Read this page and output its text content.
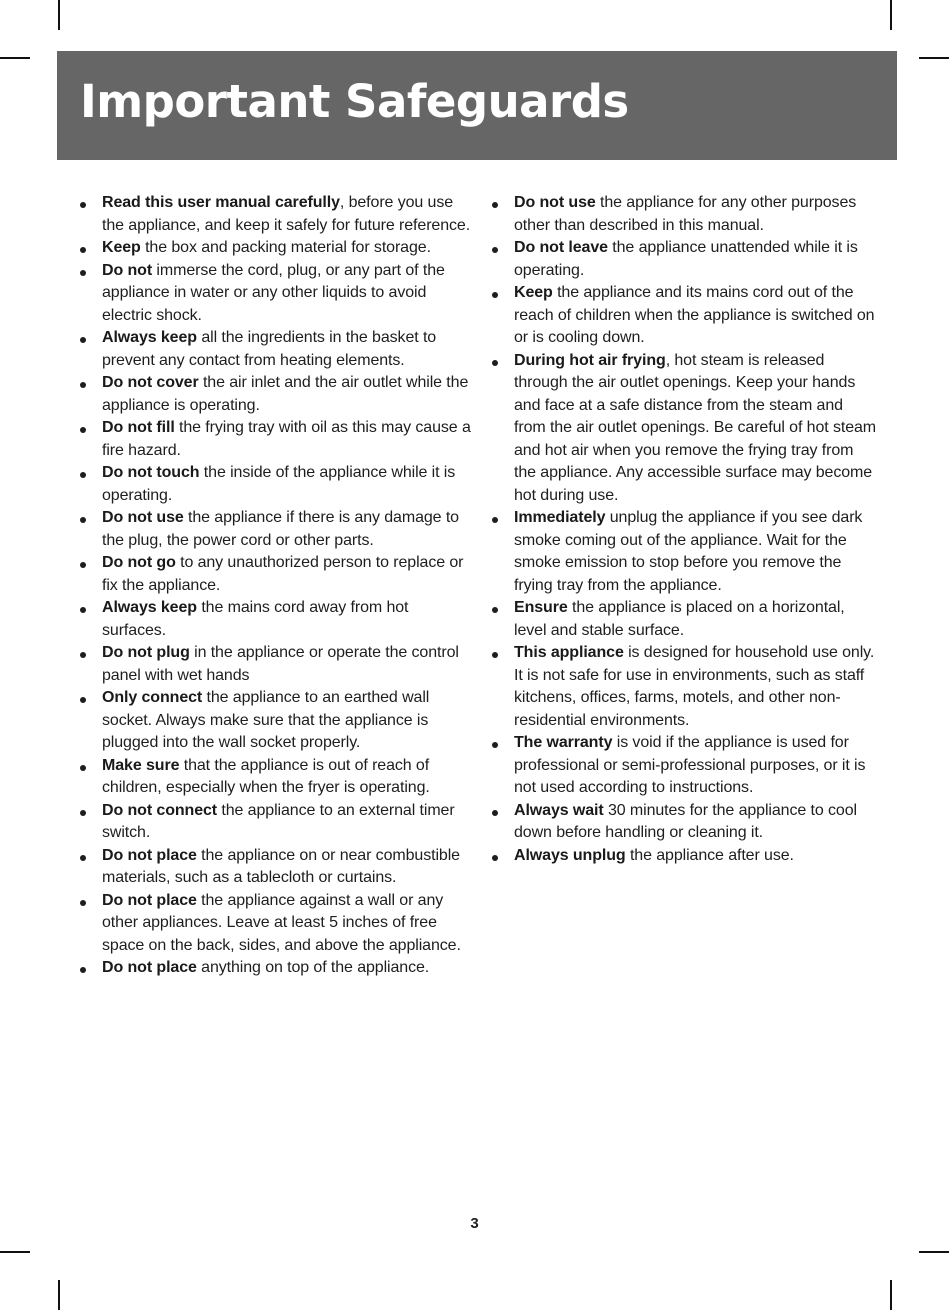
Important Safeguards
Read this user manual carefully, before you use the appliance, and keep it safely for future reference.
Keep the box and packing material for storage.
Do not immerse the cord, plug, or any part of the appliance in water or any other liquids to avoid electric shock.
Always keep all the ingredients in the basket to prevent any contact from heating elements.
Do not cover the air inlet and the air outlet while the appliance is operating.
Do not fill the frying tray with oil as this may cause a fire hazard.
Do not touch the inside of the appliance while it is operating.
Do not use the appliance if there is any damage to the plug, the power cord or other parts.
Do not go to any unauthorized person to replace or fix the appliance.
Always keep the mains cord away from hot surfaces.
Do not plug in the appliance or operate the control panel with wet hands
Only connect the appliance to an earthed wall socket. Always make sure that the appliance is plugged into the wall socket properly.
Make sure that the appliance is out of reach of children, especially when the fryer is operating.
Do not connect the appliance to an external timer switch.
Do not place the appliance on or near combustible materials, such as a tablecloth or curtains.
Do not place the appliance against a wall or any other appliances. Leave at least 5 inches of free space on the back, sides, and above the appliance.
Do not place anything on top of the appliance.
Do not use the appliance for any other purposes other than described in this manual.
Do not leave the appliance unattended while it is operating.
Keep the appliance and its mains cord out of the reach of children when the appliance is switched on or is cooling down.
During hot air frying, hot steam is released through the air outlet openings. Keep your hands and face at a safe distance from the steam and from the air outlet openings. Be careful of hot steam and hot air when you remove the frying tray from the appliance. Any accessible surface may become hot during use.
Immediately unplug the appliance if you see dark smoke coming out of the appliance. Wait for the smoke emission to stop before you remove the frying tray from the appliance.
Ensure the appliance is placed on a horizontal, level and stable surface.
This appliance is designed for household use only. It is not safe for use in environments, such as staff kitchens, offices, farms, motels, and other non-residential environments.
The warranty is void if the appliance is used for professional or semi-professional purposes, or it is not used according to instructions.
Always wait 30 minutes for the appliance to cool down before handling or cleaning it.
Always unplug the appliance after use.
3
